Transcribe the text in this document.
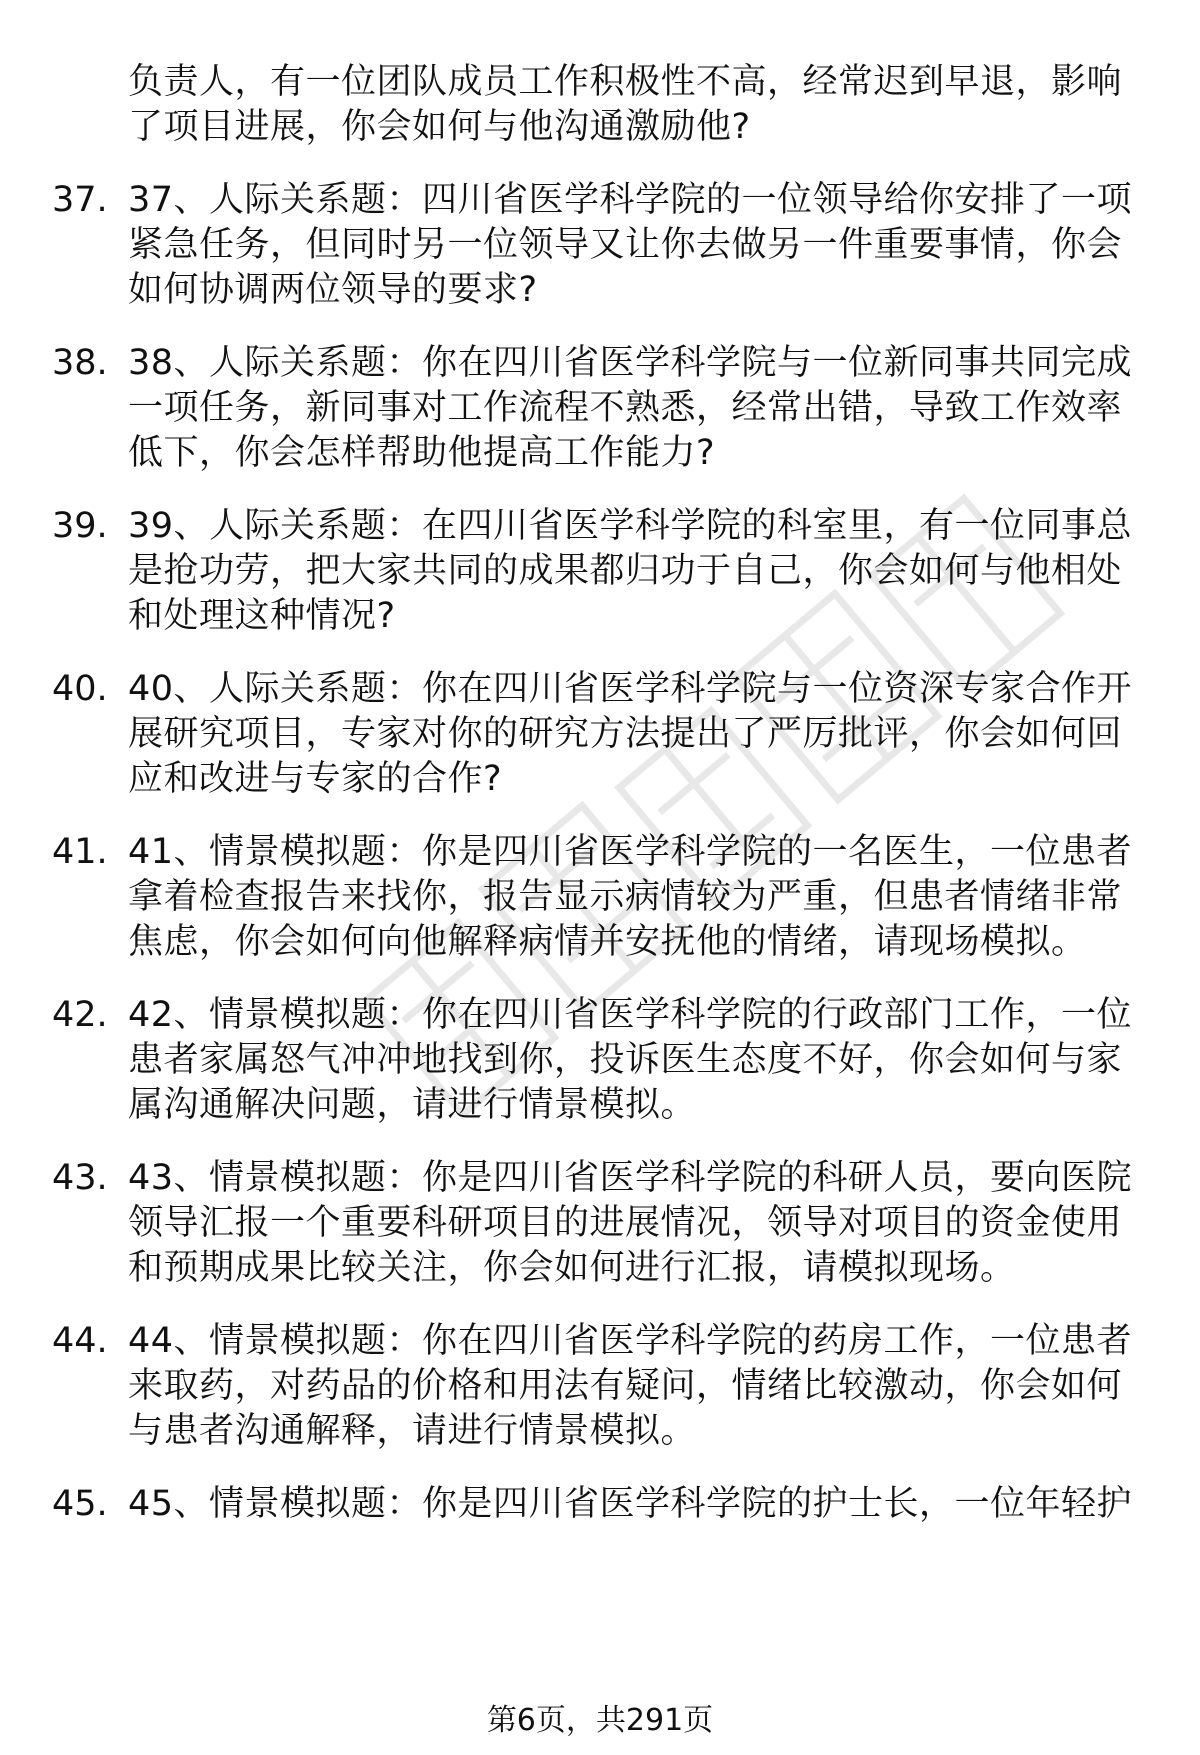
负责人，有一位团队成员工作积极性不高，经常迟到早退，影响
了项目进展，你会如何与他沟通激励他?
37. 37、人际关系题：四川省医学科学院的一位领导给你安排了一项
紧急任务，但同时另一位领导又让你去做另一件重要事情，你会
如何协调两位领导的要求?
38. 38、人际关系题：你在四川省医学科学院与一位新同事共同完成
一项任务，新同事对工作流程不熟悉，经常出错，导致工作效率
低下，你会怎样帮助他提高工作能力?
39. 39、人际关系题：在四川省医学科学院的科室里，有一位同事总
是抢功劳，把大家共同的成果都归功于自己，你会如何与他相处
和处理这种情况?
40. 40、人际关系题：你在四川省医学科学院与一位资深专家合作开
展研究项目，专家对你的研究方法提出了严厉批评，你会如何回
应和改进与专家的合作?
41. 41、情景模拟题：你是四川省医学科学院的一名医生，一位患者
拿着检查报告来找你，报告显示病情较为严重，但患者情绪非常
焦虑，你会如何向他解释病情并安抚他的情绪，请现场模拟。
42. 42、情景模拟题：你在四川省医学科学院的行政部门工作，一位
患者家属怒气冲冲地找到你，投诉医生态度不好，你会如何与家
属沟通解决问题，请进行情景模拟。
43. 43、情景模拟题：你是四川省医学科学院的科研人员，要向医院
领导汇报一个重要科研项目的进展情况，领导对项目的资金使用
和预期成果比较关注，你会如何进行汇报，请模拟现场。
44. 44、情景模拟题：你在四川省医学科学院的药房工作，一位患者
来取药，对药品的价格和用法有疑问，情绪比较激动，你会如何
与患者沟通解释，请进行情景模拟。
45. 45、情景模拟题：你是四川省医学科学院的护士长，一位年轻护
第6页，共291页
